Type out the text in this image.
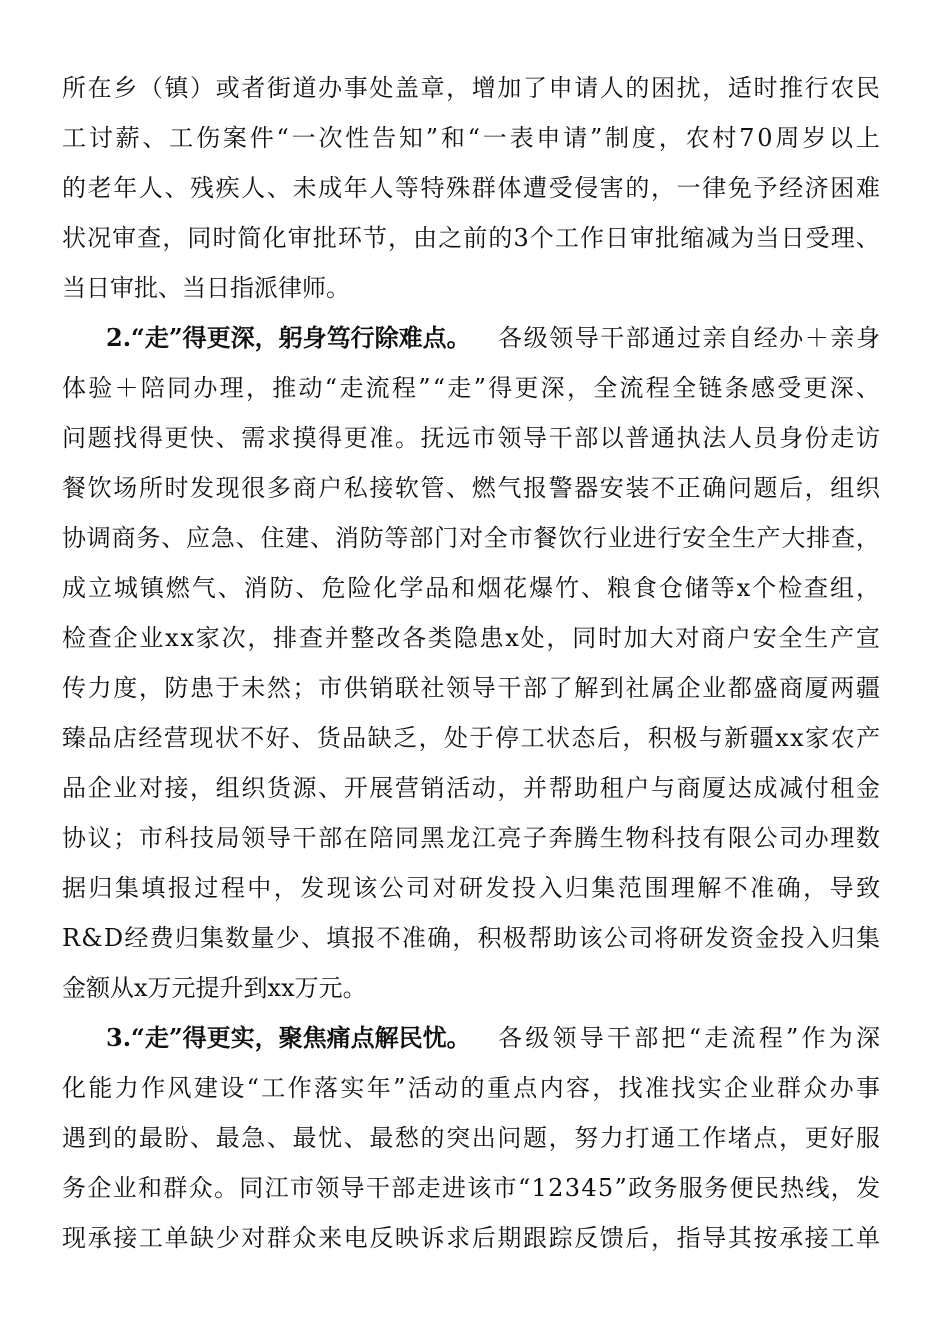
所在乡（镇）或者街道办事处盖章，增加了申请人的困扰，适时推行农民
工讨薪、工伤案件“一次性告知”和“一表申请”制度，农村70周岁以上
的老年人、残疾人、未成年人等特殊群体遭受侵害的，一律免予经济困难
状况审查，同时简化审批环节，由之前的3个工作日审批缩减为当日受理、
当日审批、当日指派律师。
2.“走”得更深，躬身笃行除难点。 各级领导干部通过亲自经办＋亲身
体验＋陪同办理，推动“走流程”“走”得更深，全流程全链条感受更深、
问题找得更快、需求摸得更准。抚远市领导干部以普通执法人员身份走访
餐饮场所时发现很多商户私接软管、燃气报警器安装不正确问题后，组织
协调商务、应急、住建、消防等部门对全市餐饮行业进行安全生产大排查，
成立城镇燃气、消防、危险化学品和烟花爆竹、粮食仓储等x个检查组，
检查企业xx家次，排查并整改各类隐患x处，同时加大对商户安全生产宣
传力度，防患于未然；市供销联社领导干部了解到社属企业都盛商厦两疆
臻品店经营现状不好、货品缺乏，处于停工状态后，积极与新疆xx家农产
品企业对接，组织货源、开展营销活动，并帮助租户与商厦达成减付租金
协议；市科技局领导干部在陪同黑龙江亮子奔腾生物科技有限公司办理数
据归集填报过程中，发现该公司对研发投入归集范围理解不准确，导致
R&D经费归集数量少、填报不准确，积极帮助该公司将研发资金投入归集
金额从x万元提升到xx万元。
3.“走”得更实，聚焦痛点解民忧。 各级领导干部把“走流程”作为深
化能力作风建设“工作落实年”活动的重点内容，找准找实企业群众办事
遇到的最盼、最急、最忧、最愁的突出问题，努力打通工作堵点，更好服
务企业和群众。同江市领导干部走进该市“12345”政务服务便民热线，发
现承接工单缺少对群众来电反映诉求后期跟踪反馈后，指导其按承接工单
